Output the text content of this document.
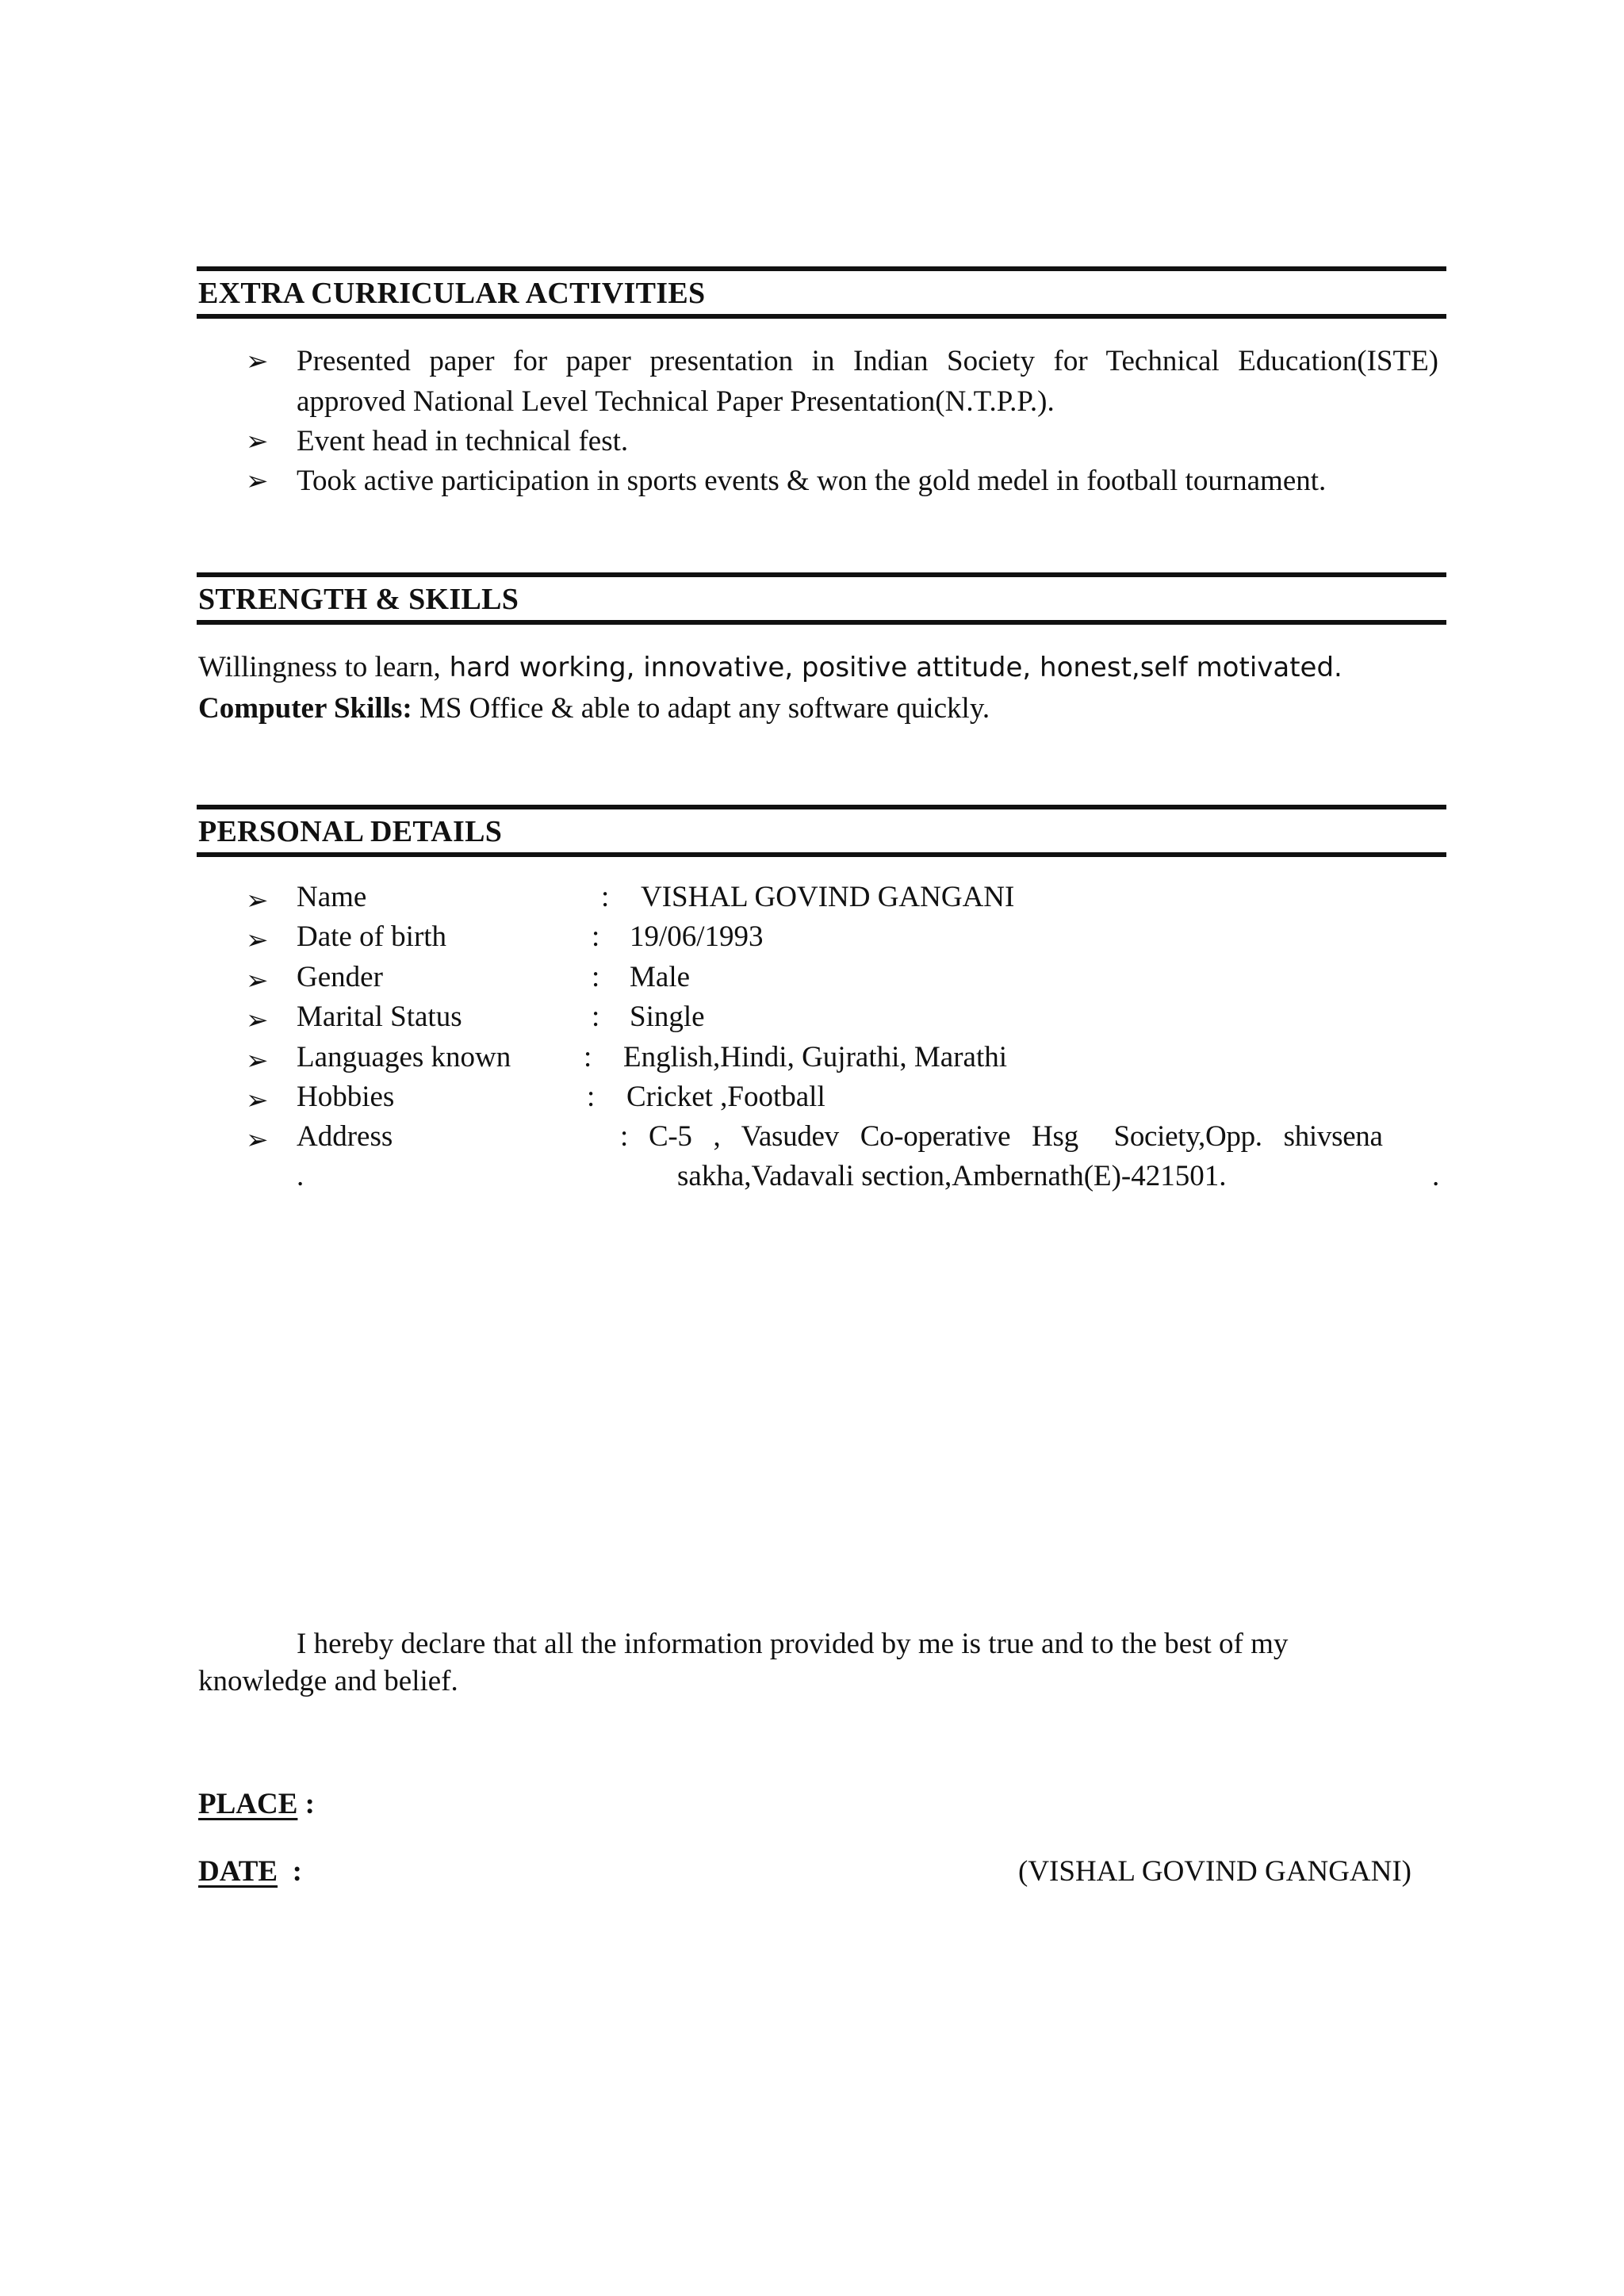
EXTRA CURRICULAR ACTIVITIES
➢ Presented paper for paper presentation in Indian Society for Technical Education(ISTE)
approved National Level Technical Paper Presentation(N.T.P.P.).
➢ Event head in technical fest.
➢ Took active participation in sports events & won the gold medel in football tournament.
STRENGTH & SKILLS
Willingness to learn, hard working, innovative, positive attitude, honest,self motivated.
Computer Skills: MS Office & able to adapt any software quickly.
PERSONAL DETAILS
➢ Name	: VISHAL GOVIND GANGANI
➢ Date of birth	: 19/06/1993
➢ Gender	: Male
➢ Marital Status	: Single
➢ Languages known : English,Hindi, Gujrathi, Marathi
➢ Hobbies	: Cricket ,Football
➢ Address	: C-5   ,   Vasudev   Co-operative   Hsg     Society,Opp.   shivsena
.	sakha,Vadavali section,Ambernath(E)-421501.	.
I hereby declare that all the information provided by me is true and to the best of my
knowledge and belief.
PLACE :
DATE  :	(VISHAL GOVIND GANGANI)
